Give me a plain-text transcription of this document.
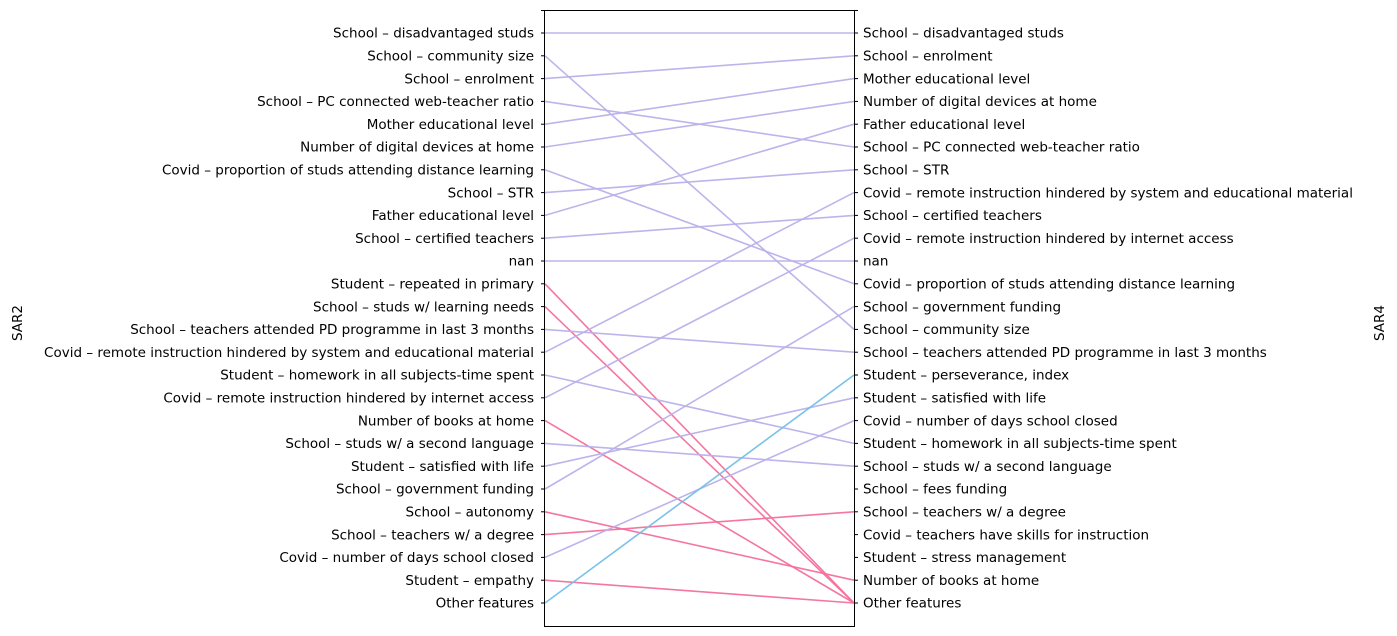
School – disadvantaged studs
School – community size
School – enrolment
School – PC connected web-teacher ratio
Mother educational level
Number of digital devices at home
Covid – proportion of studs attending distance learning
School – STR
Father educational level
School – certified teachers
nan
Student – repeated in primary
School – studs w/ learning needs
School – teachers attended PD programme in last 3 months
Covid – remote instruction hindered by system and educational material
Student – homework in all subjects-time spent
Covid – remote instruction hindered by internet access
Number of books at home
School – studs w/ a second language
Student – satisfied with life
School – government funding
School – autonomy
School – teachers w/ a degree
Covid – number of days school closed
Student – empathy
Other features
School – disadvantaged studs
School – enrolment
Mother educational level
Number of digital devices at home
Father educational level
School – PC connected web-teacher ratio
School – STR
Covid – remote instruction hindered by system and educational material
School – certified teachers
Covid – remote instruction hindered by internet access
nan
Covid – proportion of studs attending distance learning
School – government funding
School – community size
School – teachers attended PD programme in last 3 months
Student – perseverance, index
Student – satisfied with life
Covid – number of days school closed
Student – homework in all subjects-time spent
School – studs w/ a second language
School – fees funding
School – teachers w/ a degree
Covid – teachers have skills for instruction
Student – stress management
Number of books at home
Other features
SAR2	SAR4
